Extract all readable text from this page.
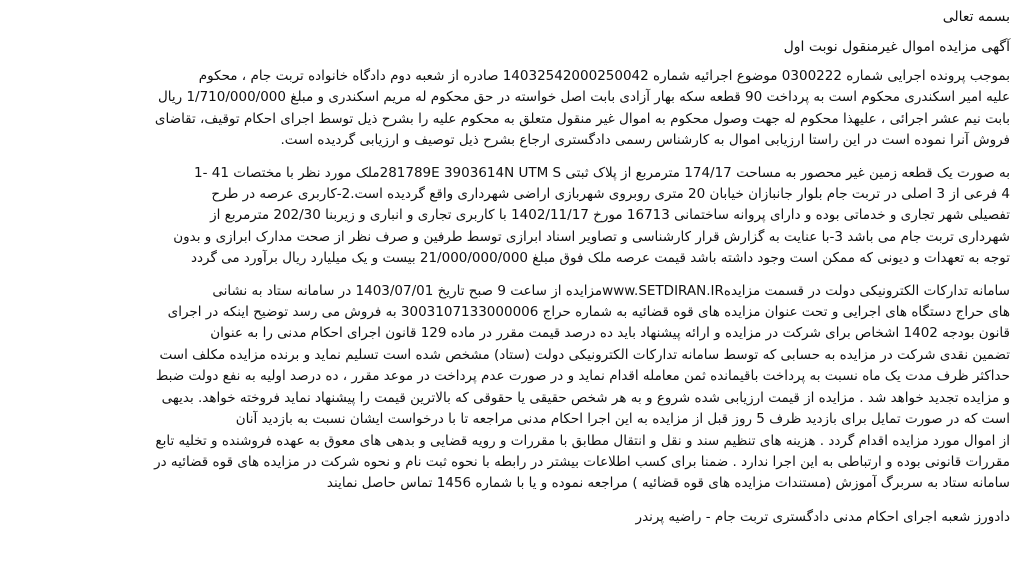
بسمه تعالی
آگهی مزایده اموال غیرمنقول نوبت اول
بموجب پرونده اجرایی شماره 0300222 موضوع اجرائیه شماره 14032542000250042 صادره از شعبه دوم دادگاه خانواده تربت جام ، محکوم
علیه امیر اسکندری محکوم است به پرداخت 90 قطعه سکه بهار آزادی بابت اصل خواسته در حق محکوم له مریم اسکندری و مبلغ 1/710/000/000 ریال
بابت نیم عشر اجرائی ، علیهذا محکوم له جهت وصول محکوم به اموال غیر منقول متعلق به محکوم علیه را بشرح ذیل توسط اجرای احکام توقیف، تقاضای
فروش آنرا نموده است در این راستا ارزیابی اموال به کارشناس رسمی دادگستری ارجاع بشرح ذیل توصیف و ارزیابی گردیده است.
به صورت یک قطعه زمین غیر محصور به مساحت 174/17 مترمربع از پلاک ثبتی 281789E 3903614N UTM Sملک مورد نظر با مختصات 41 -1
4 فرعی از 3 اصلی در تربت جام بلوار جانبازان خیابان 20 متری روبروی شهربازی اراضی شهرداری واقع گردیده است.2-کاربری عرصه در طرح
تفصیلی شهر تجاری و خدماتی بوده و دارای پروانه ساختمانی 16713 مورخ 1402/11/17 با کاربری تجاری و انباری و زیربنا 202/30 مترمربع از
شهرداری تربت جام می باشد 3-با عنایت به گزارش قرار کارشناسی و تصاویر اسناد ابرازی توسط طرفین و صرف نظر از صحت مدارک ابرازی و بدون
توجه به تعهدات و دیونی که ممکن است وجود داشته باشد قیمت عرصه ملک فوق مبلغ 21/000/000/000 بیست و یک میلیارد ریال برآورد می گردد
سامانه تدارکات الکترونیکی دولت در قسمت مزایدهwww.SETDIRAN.IRمزایده از ساعت 9 صبح تاریخ 1403/07/01 در سامانه ستاد به نشانی
های حراج دستگاه های اجرایی و تحت عنوان مزایده های قوه قضائیه به شماره حراج 3003107133000006 به فروش می رسد توضیح اینکه در اجرای
قانون بودجه 1402 اشخاص برای شرکت در مزایده و ارائه پیشنهاد باید ده درصد قیمت مقرر در ماده 129 قانون اجرای احکام مدنی را به عنوان
تضمین نقدی شرکت در مزایده به حسابی که توسط سامانه تدارکات الکترونیکی دولت (ستاد) مشخص شده است تسلیم نماید و برنده مزایده مکلف است
حداکثر ظرف مدت یک ماه نسبت به پرداخت باقیمانده ثمن معامله اقدام نماید و در صورت عدم پرداخت در موعد مقرر ، ده درصد اولیه به نفع دولت ضبط
و مزایده تجدید خواهد شد . مزایده از قیمت ارزیابی شده شروع و به هر شخص حقیقی یا حقوقی که بالاترین قیمت را پیشنهاد نماید فروخته خواهد. بدیهی
است که در صورت تمایل برای بازدید ظرف 5 روز قبل از مزایده به این اجرا احکام مدنی مراجعه تا با درخواست ایشان نسبت به بازدید آنان
از اموال مورد مزایده اقدام گردد . هزینه های تنظیم سند و نقل و انتقال مطابق با مقررات و رویه قضایی و بدهی های معوق به عهده فروشنده و تخلیه تابع
مقررات قانونی بوده و ارتباطی به این اجرا ندارد . ضمنا برای کسب اطلاعات بیشتر در رابطه با نحوه ثبت نام و نحوه شرکت در مزایده های قوه قضائیه در
سامانه ستاد به سربرگ آموزش (مستندات مزایده های قوه قضائیه ) مراجعه نموده و یا با شماره 1456 تماس حاصل نمایند
دادورز شعبه اجرای احکام مدنی دادگستری تربت جام - راضیه پرندر
